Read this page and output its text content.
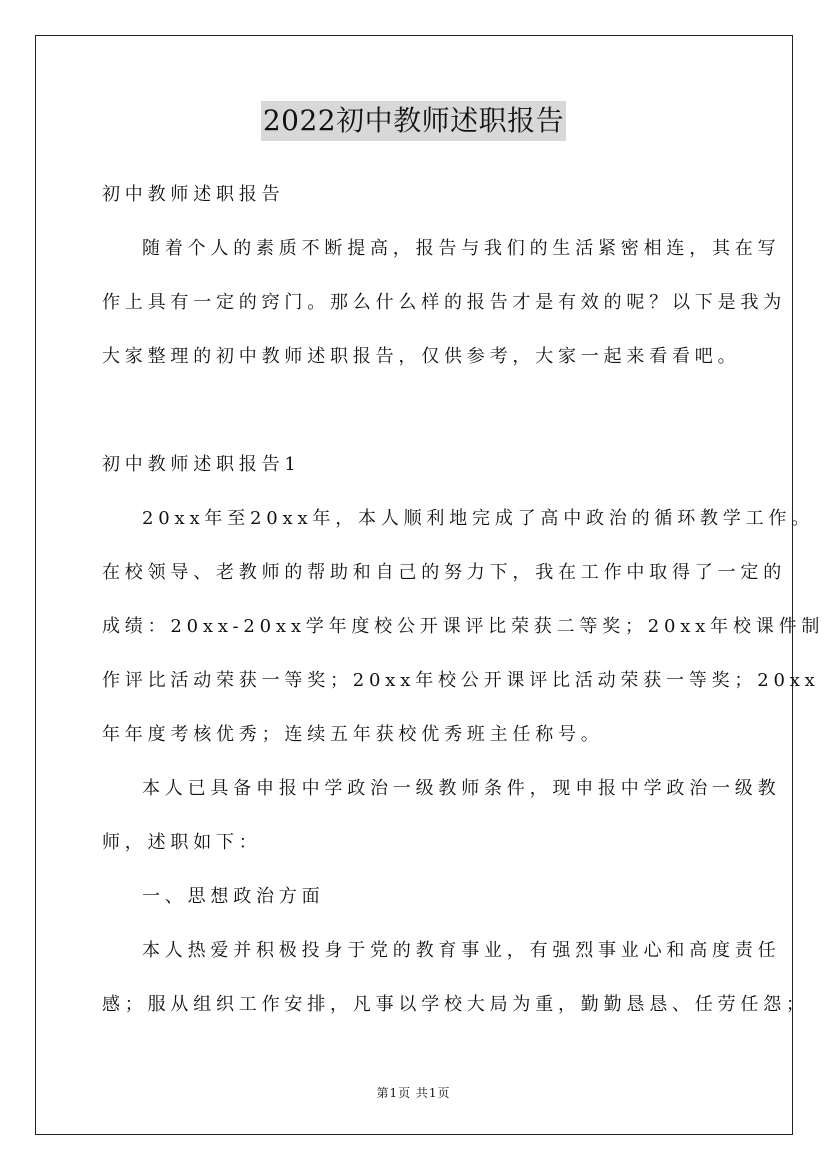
2022初中教师述职报告
初中教师述职报告
随着个人的素质不断提高，报告与我们的生活紧密相连，其在写
作上具有一定的窍门。那么什么样的报告才是有效的呢？以下是我为
大家整理的初中教师述职报告，仅供参考，大家一起来看看吧。
初中教师述职报告1
20xx年至20xx年，本人顺利地完成了高中政治的循环教学工作。
在校领导、老教师的帮助和自己的努力下，我在工作中取得了一定的
成绩：20xx-20xx学年度校公开课评比荣获二等奖；20xx年校课件制
作评比活动荣获一等奖；20xx年校公开课评比活动荣获一等奖；20xx
年年度考核优秀；连续五年获校优秀班主任称号。
本人已具备申报中学政治一级教师条件，现申报中学政治一级教
师，述职如下：
一、思想政治方面
本人热爱并积极投身于党的教育事业，有强烈事业心和高度责任
感；服从组织工作安排，凡事以学校大局为重，勤勤恳恳、任劳任怨；
第1页 共1页
